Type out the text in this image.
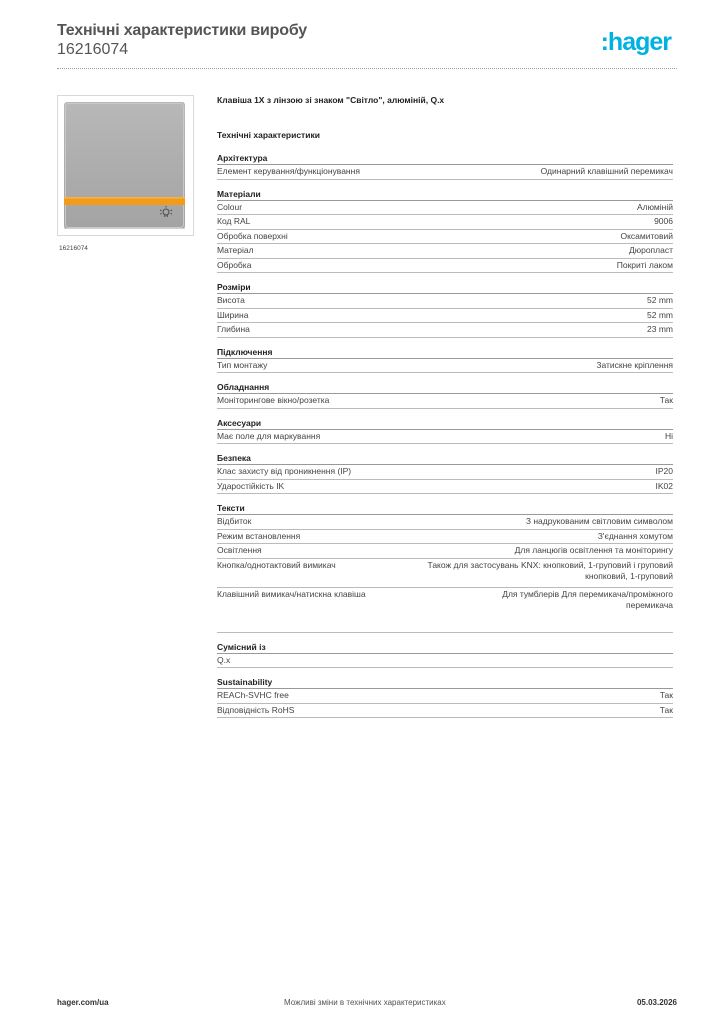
Технічні характеристики виробу
16216074	:hager
16216074
Клавіша 1X з лінзою зі знаком "Світло", алюміній, Q.x
Технічні характеристики
Архітектура
Елемент керування/функціонування	Одинарний клавішний перемикач
Матеріали
Colour	Алюміній
Код RAL	9006
Обробка поверхні	Оксамитовий
Матеріал	Дюропласт
Обробка	Покриті лаком
Розміри
Висота	52 mm
Ширина	52 mm
Глибина	23 mm
Підключення
Тип монтажу	Затискне кріплення
Обладнання
Моніторингове вікно/розетка	Так
Аксесуари
Має поле для маркування	Ні
Безпека
Клас захисту від проникнення (IP)	IP20
Ударостійкість IK	IK02
Тексти
Відбиток	З надрукованим світловим символом
Режим встановлення	З'єднання хомутом
Освітлення	Для ланцюгів освітлення та моніторингу
Кнопка/однотактовий вимикач	Також для застосувань KNX: кнопковий, 1-груповий і груповий кнопковий, 1-груповий
Клавішний вимикач/натискна клавіша	Для тумблерів Для перемикача/проміжного перемикача
Сумісний із
Q.x
Sustainability
REACh-SVHC free	Так
Відповідність RoHS	Так
hager.com/ua	Можливі зміни в технічних характеристиках	05.03.2026
